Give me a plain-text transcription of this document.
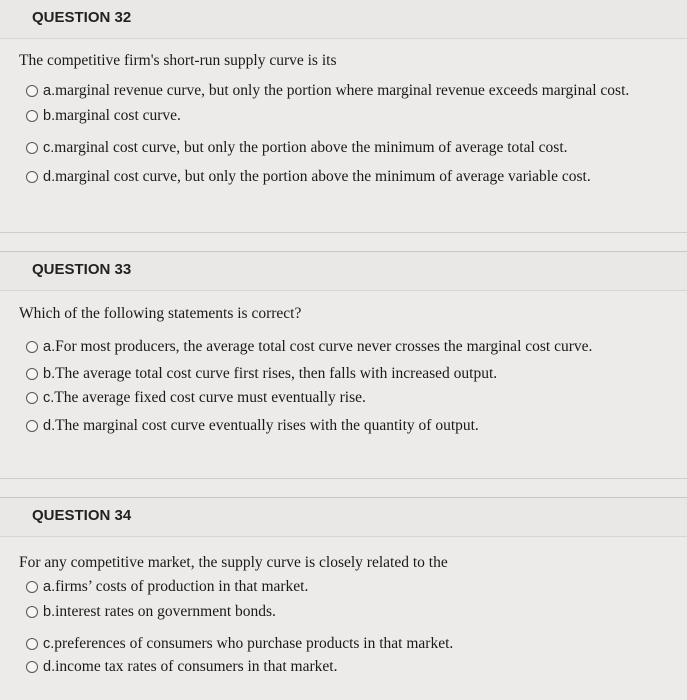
QUESTION 32
The competitive firm's short-run supply curve is its
a. marginal revenue curve, but only the portion where marginal revenue exceeds marginal cost.
b. marginal cost curve.
c. marginal cost curve, but only the portion above the minimum of average total cost.
d. marginal cost curve, but only the portion above the minimum of average variable cost.
QUESTION 33
Which of the following statements is correct?
a. For most producers, the average total cost curve never crosses the marginal cost curve.
b. The average total cost curve first rises, then falls with increased output.
c. The average fixed cost curve must eventually rise.
d. The marginal cost curve eventually rises with the quantity of output.
QUESTION 34
For any competitive market, the supply curve is closely related to the
a. firms’ costs of production in that market.
b. interest rates on government bonds.
c. preferences of consumers who purchase products in that market.
d. income tax rates of consumers in that market.
